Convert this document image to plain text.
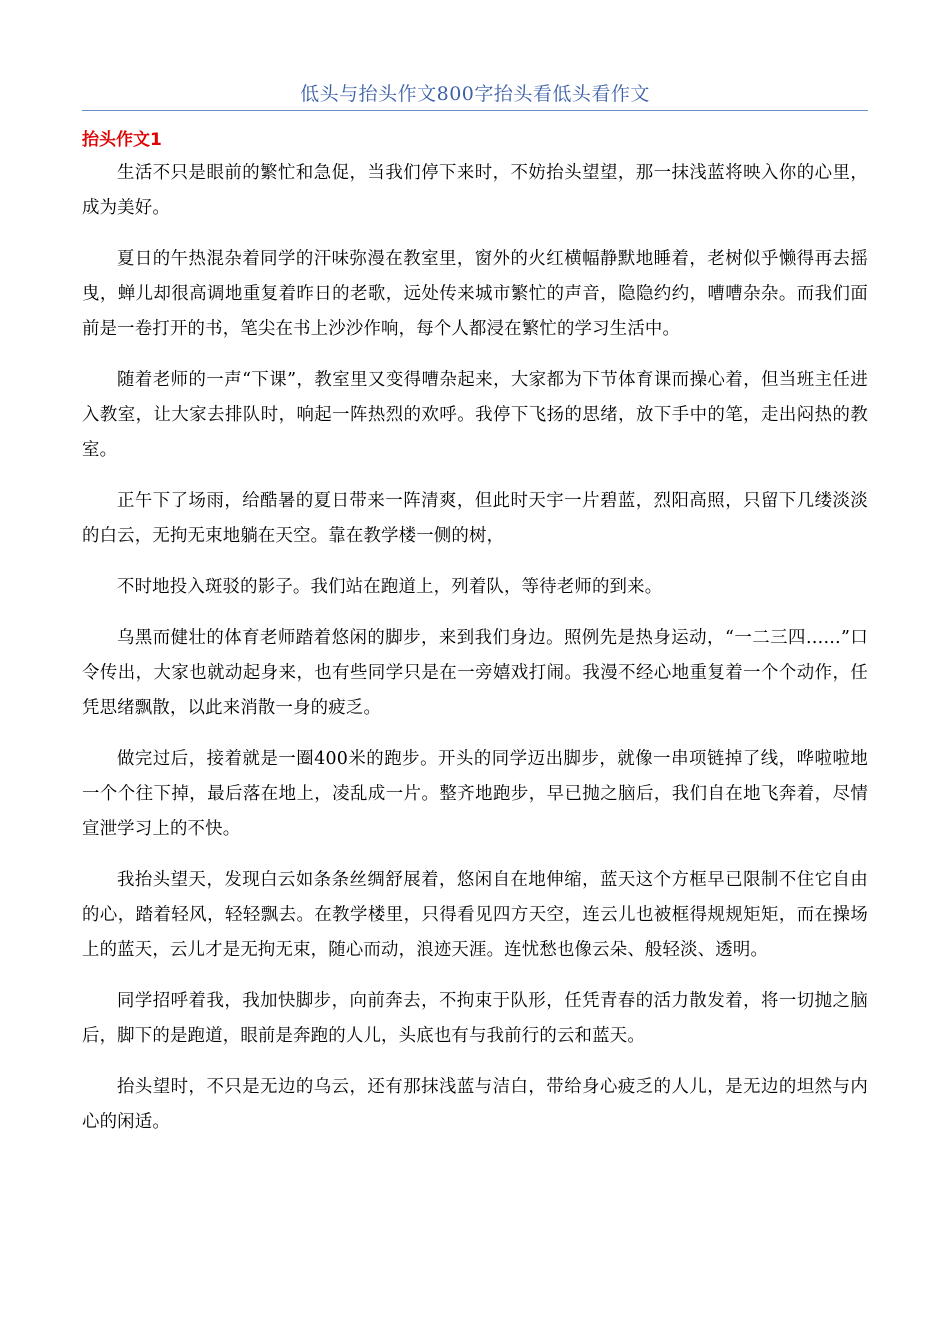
低头与抬头作文800字抬头看低头看作文
抬头作文1

生活不只是眼前的繁忙和急促，当我们停下来时，不妨抬头望望，那一抹浅蓝将映入你的心里，成为美好。

夏日的午热混杂着同学的汗味弥漫在教室里，窗外的火红横幅静默地睡着，老树似乎懒得再去摇曳，蝉儿却很高调地重复着昨日的老歌，远处传来城市繁忙的声音，隐隐约约，嘈嘈杂杂。而我们面前是一卷打开的书，笔尖在书上沙沙作响，每个人都浸在繁忙的学习生活中。

随着老师的一声“下课”，教室里又变得嘈杂起来，大家都为下节体育课而操心着，但当班主任进入教室，让大家去排队时，响起一阵热烈的欢呼。我停下飞扬的思绪，放下手中的笔，走出闷热的教室。

正午下了场雨，给酷暑的夏日带来一阵清爽，但此时天宇一片碧蓝，烈阳高照，只留下几缕淡淡的白云，无拘无束地躺在天空。靠在教学楼一侧的树，

不时地投入斑驳的影子。我们站在跑道上，列着队，等待老师的到来。

乌黑而健壮的体育老师踏着悠闲的脚步，来到我们身边。照例先是热身运动，“一二三四……”口令传出，大家也就动起身来，也有些同学只是在一旁嬉戏打闹。我漫不经心地重复着一个个动作，任凭思绪飘散，以此来消散一身的疲乏。

做完过后，接着就是一圈400米的跑步。开头的同学迈出脚步，就像一串项链掉了线，哗啦啦地一个个往下掉，最后落在地上，凌乱成一片。整齐地跑步，早已抛之脑后，我们自在地飞奔着，尽情宣泄学习上的不快。

我抬头望天，发现白云如条条丝绸舒展着，悠闲自在地伸缩，蓝天这个方框早已限制不住它自由的心，踏着轻风，轻轻飘去。在教学楼里，只得看见四方天空，连云儿也被框得规规矩矩，而在操场上的蓝天，云儿才是无拘无束，随心而动，浪迹天涯。连忧愁也像云朵、般轻淡、透明。

同学招呼着我，我加快脚步，向前奔去，不拘束于队形，任凭青春的活力散发着，将一切抛之脑后，脚下的是跑道，眼前是奔跑的人儿，头底也有与我前行的云和蓝天。

抬头望时，不只是无边的乌云，还有那抹浅蓝与洁白，带给身心疲乏的人儿，是无边的坦然与内心的闲适。
